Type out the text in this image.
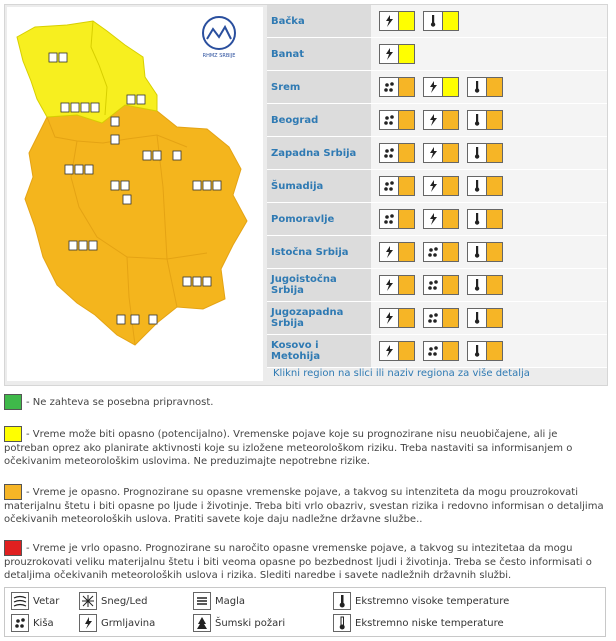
RHMZ SRBIJE
Bačka
Banat
Srem
Beograd
Zapadna Srbija
Šumadija
Pomoravlje
Istočna Srbija
Jugoistočna Srbija
Jugozapadna Srbija
Kosovo i Metohija
Klikni region na slici ili naziv regiona za više detalja
- Ne zahteva se posebna pripravnost.
- Vreme može biti opasno (potencijalno). Vremenske pojave koje su prognozirane nisu neuobičajene, ali je potreban oprez ako planirate aktivnosti koje su izložene meteorološkom riziku. Treba nastaviti sa informisanjem o očekivanim meteorološkim uslovima. Ne preduzimajte nepotrebne rizike.
- Vreme je opasno. Prognozirane su opasne vremenske pojave, a takvog su intenziteta da mogu prouzrokovati materijalnu štetu i biti opasne po ljude i životinje. Treba biti vrlo obazriv, svestan rizika i redovno informisan o detaljima očekivanih meteoroloških uslova. Pratiti savete koje daju nadležne državne službe..
- Vreme je vrlo opasno. Prognozirane su naročito opasne vremenske pojave, a takvog su intezitetaa da mogu prouzrokovati veliku materijalnu štetu i biti veoma opasne po bezbednost ljudi i životinja. Treba se često informisati o detaljima očekivanih meteoroloških uslova i rizika. Slediti naredbe i savete nadležnih državnih službi.
Vetar	Sneg/Led	Magla	Ekstremno visoke temperature
Kiša	Grmljavina	Šumski požari	Ekstremno niske temperature
